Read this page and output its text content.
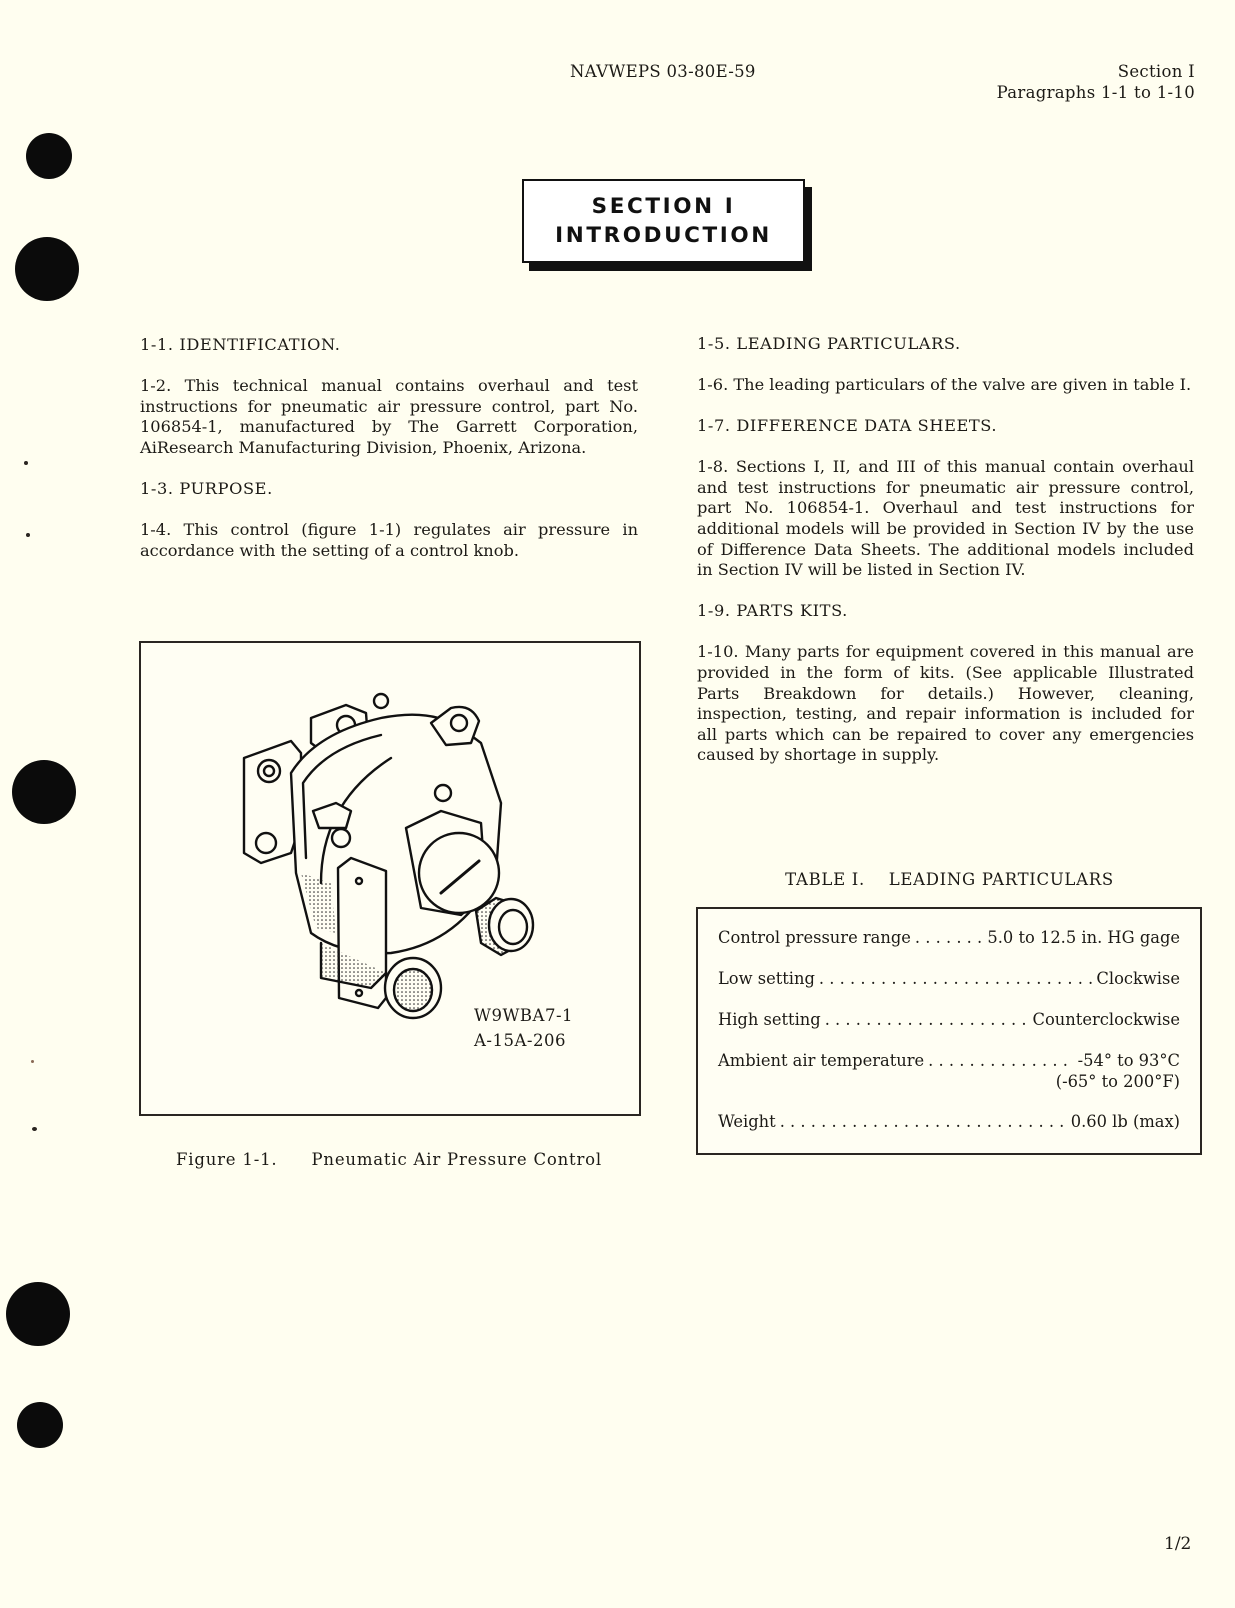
NAVWEPS 03-80E-59	Section I
Paragraphs 1-1 to 1-10
SECTION I
INTRODUCTION

1-1. IDENTIFICATION.

1-2. This technical manual contains overhaul and test instructions for pneumatic air pressure control, part No. 106854-1, manufactured by The Garrett Corporation, AiResearch Manufacturing Division, Phoenix, Arizona.

1-3. PURPOSE.

1-4. This control (figure 1-1) regulates air pressure in accordance with the setting of a control knob.

W9WBA7-1
A-15A-206
Figure 1-1. Pneumatic Air Pressure Control

1-5. LEADING PARTICULARS.

1-6. The leading particulars of the valve are given in table I.

1-7. DIFFERENCE DATA SHEETS.

1-8. Sections I, II, and III of this manual contain overhaul and test instructions for pneumatic air pressure control, part No. 106854-1. Overhaul and test instructions for additional models will be provided in Section IV by the use of Difference Data Sheets. The additional models included in Section IV will be listed in Section IV.

1-9. PARTS KITS.

1-10. Many parts for equipment covered in this manual are provided in the form of kits. (See applicable Illustrated Parts Breakdown for details.) However, cleaning, inspection, testing, and repair information is included for all parts which can be repaired to cover any emergencies caused by shortage in supply.

TABLE I.    LEADING PARTICULARS
Control pressure range . . .	5.0 to 12.5 in. HG gage
Low setting . . .	Clockwise
High setting . . .	Counterclockwise
Ambient air temperature . . .	-54° to 93°C
(-65° to 200°F)
Weight . . .	0.60 lb (max)
1/2
